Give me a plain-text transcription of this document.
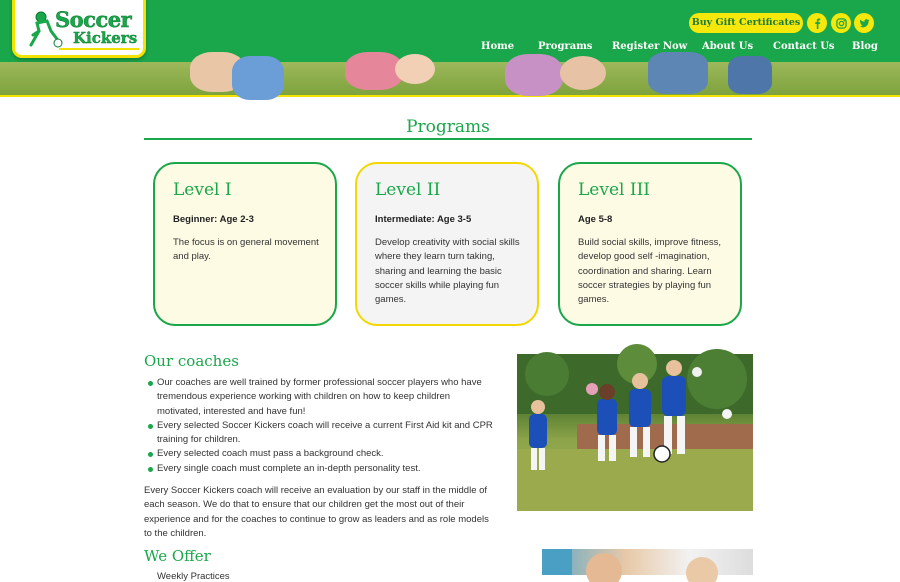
Soccer
Kickers
Buy Gift Certificates
Home Programs Register Now About Us Contact Us Blog
Programs
Level I
Beginner: Age 2-3
The focus is on general movement and play.
Level II
Intermediate: Age 3-5
Develop creativity with social skills where they learn turn taking, sharing and learning the basic soccer skills while playing fun games.
Level III
Age 5-8
Build social skills, improve fitness, develop good self -imagination, coordination and sharing. Learn soccer strategies by playing fun games.
Our coaches
Our coaches are well trained by former professional soccer players who have tremendous experience working with children on how to keep children motivated, interested and have fun!
Every selected Soccer Kickers coach will receive a current First Aid kit and CPR training for children.
Every selected coach must pass a background check.
Every single coach must complete an in-depth personality test.
Every Soccer Kickers coach will receive an evaluation by our staff in the middle of each season. We do that to ensure that our children get the most out of their experience and for the coaches to continue to grow as leaders and as role models to the children.
We Offer
Weekly Practices
